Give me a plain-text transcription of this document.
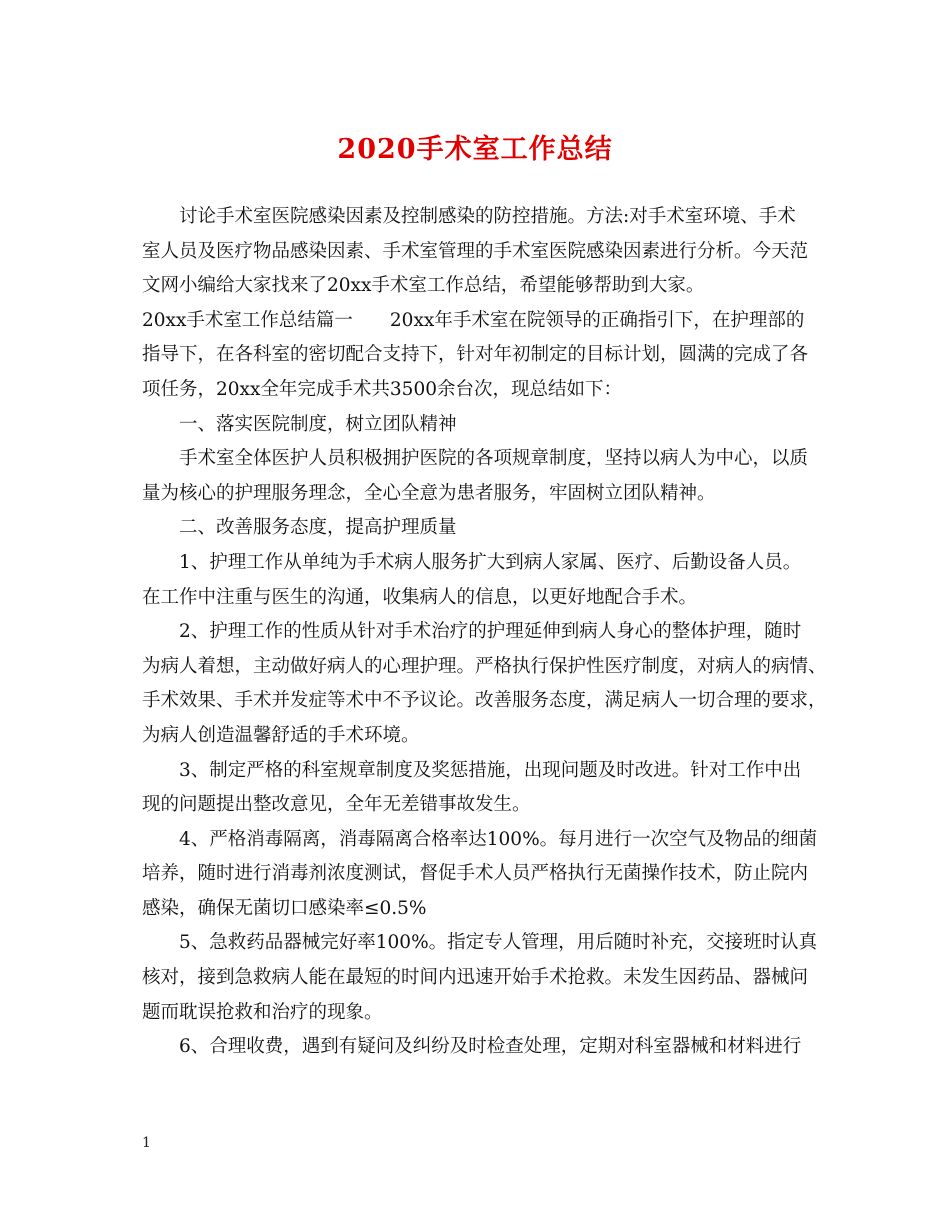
2020手术室工作总结
讨论手术室医院感染因素及控制感染的防控措施。方法:对手术室环境、手术
室人员及医疗物品感染因素、手术室管理的手术室医院感染因素进行分析。今天范
文网小编给大家找来了20xx手术室工作总结，希望能够帮助到大家。
20xx手术室工作总结篇一　　20xx年手术室在院领导的正确指引下，在护理部的
指导下，在各科室的密切配合支持下，针对年初制定的目标计划，圆满的完成了各
项任务，20xx全年完成手术共3500余台次，现总结如下：
一、落实医院制度，树立团队精神
手术室全体医护人员积极拥护医院的各项规章制度，坚持以病人为中心，以质
量为核心的护理服务理念，全心全意为患者服务，牢固树立团队精神。
二、改善服务态度，提高护理质量
1、护理工作从单纯为手术病人服务扩大到病人家属、医疗、后勤设备人员。
在工作中注重与医生的沟通，收集病人的信息，以更好地配合手术。
2、护理工作的性质从针对手术治疗的护理延伸到病人身心的整体护理，随时
为病人着想，主动做好病人的心理护理。严格执行保护性医疗制度，对病人的病情、
手术效果、手术并发症等术中不予议论。改善服务态度，满足病人一切合理的要求，
为病人创造温馨舒适的手术环境。
3、制定严格的科室规章制度及奖惩措施，出现问题及时改进。针对工作中出
现的问题提出整改意见，全年无差错事故发生。
4、严格消毒隔离，消毒隔离合格率达100%。每月进行一次空气及物品的细菌
培养，随时进行消毒剂浓度测试，督促手术人员严格执行无菌操作技术，防止院内
感染，确保无菌切口感染率≤0.5%
5、急救药品器械完好率100%。指定专人管理，用后随时补充，交接班时认真
核对，接到急救病人能在最短的时间内迅速开始手术抢救。未发生因药品、器械问
题而耽误抢救和治疗的现象。
6、合理收费，遇到有疑问及纠纷及时检查处理，定期对科室器械和材料进行
1
